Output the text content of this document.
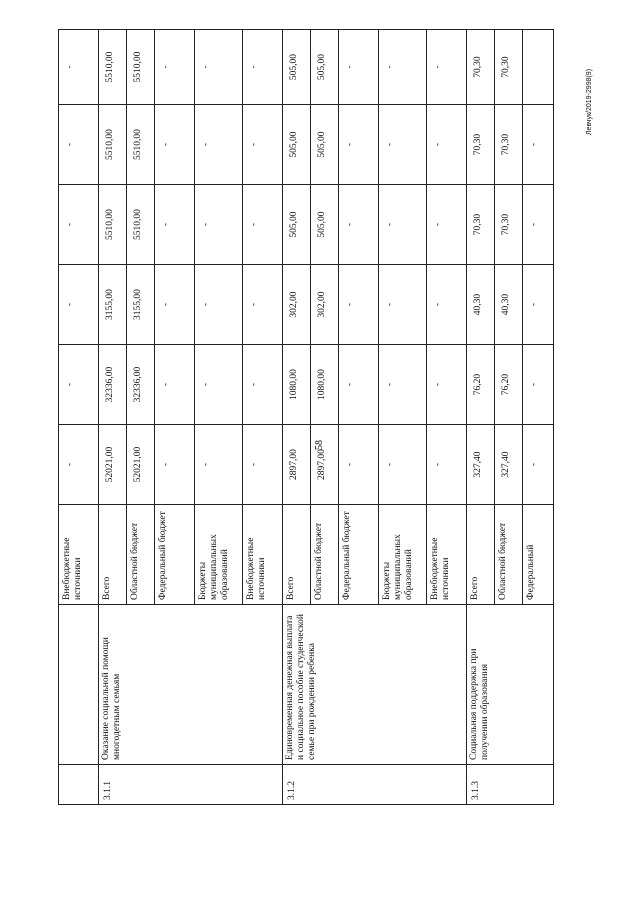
58
Левчук/2019-2998(9)
		Внебюджетные источники	-	-	-	-	-	-
3.1.1	Оказание социальной помощи многодетным семьям	Всего	52021,00	32336,00	3155,00	5510,00	5510,00	5510,00
		Областной бюджет	52021,00	32336,00	3155,00	5510,00	5510,00	5510,00
		Федеральный бюджет	-	-	-	-	-	-
		Бюджеты муниципальных образований	-	-	-	-	-	-
		Внебюджетные источники	-	-	-	-	-	-
3.1.2	Единовременная денежная выплата и социальное пособие студенческой семье при рождении ребенка	Всего	2897,00	1080,00	302,00	505,00	505,00	505,00
		Областной бюджет	2897,00	1080,00	302,00	505,00	505,00	505,00
		Федеральный бюджет	-	-	-	-	-	-
		Бюджеты муниципальных образований	-	-	-	-	-	-
		Внебюджетные источники	-	-	-	-	-	-
3.1.3	Социальная поддержка при получении образования	Всего	327,40	76,20	40,30	70,30	70,30	70,30
		Областной бюджет	327,40	76,20	40,30	70,30	70,30	70,30
		Федеральный	-	-	-	-	-	
